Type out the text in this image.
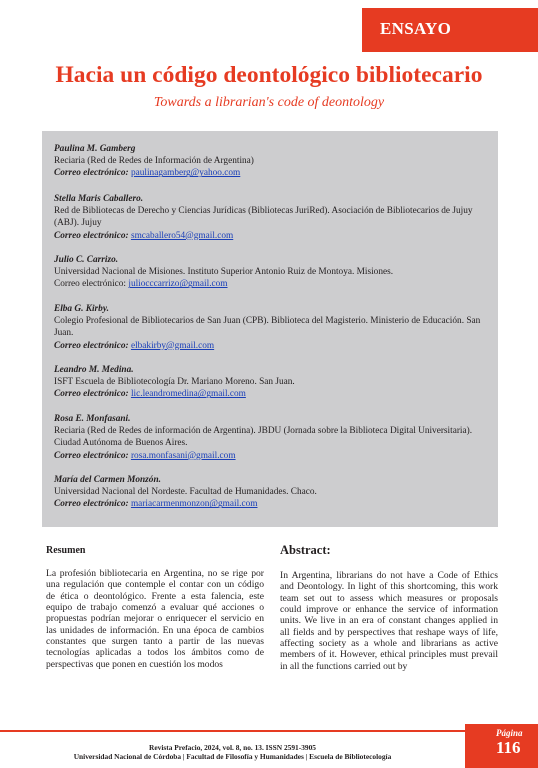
ENSAYO
Hacia un código deontológico bibliotecario
Towards a librarian's code of deontology
Paulina M. Gamberg
Reciaria (Red de Redes de Información de Argentina)
Correo electrónico: paulinagamberg@yahoo.com
Stella Maris Caballero.
Red de Bibliotecas de Derecho y Ciencias Jurídicas (Bibliotecas JuriRed). Asociación de Bibliotecarios de Jujuy (ABJ). Jujuy
Correo electrónico: smcaballero54@gmail.com
Julio C. Carrizo.
Universidad Nacional de Misiones. Instituto Superior Antonio Ruiz de Montoya. Misiones.
Correo electrónico: juliocccarrizo@gmail.com
Elba G. Kirby.
Colegio Profesional de Bibliotecarios de San Juan (CPB). Biblioteca del Magisterio. Ministerio de Educación. San Juan.
Correo electrónico: elbakirby@gmail.com
Leandro M. Medina.
ISFT Escuela de Bibliotecología Dr. Mariano Moreno. San Juan.
Correo electrónico: lic.leandromedina@gmail.com
Rosa E. Monfasani.
Reciaria (Red de Redes de información de Argentina). JBDU (Jornada sobre la Biblioteca Digital Universitaria). Ciudad Autónoma de Buenos Aires.
Correo electrónico: rosa.monfasani@gmail.com
María del Carmen Monzón.
Universidad Nacional del Nordeste. Facultad de Humanidades. Chaco.
Correo electrónico: mariacarmenmonzon@gmail.com
Resumen	Abstract:

La profesión bibliotecaria en Argentina, no se rige por una regulación que contemple el contar con un código de ética o deontológico. Frente a esta falencia, este equipo de trabajo comenzó a evaluar qué acciones o propuestas podrían mejorar o enriquecer el servicio en las unidades de información. En una época de cambios constantes que surgen tanto a partir de las nuevas tecnologías aplicadas a todos los ámbitos como de perspectivas que ponen en cuestión los modos

In Argentina, librarians do not have a Code of Ethics and Deontology. In light of this shortcoming, this work team set out to assess which measures or proposals could improve or enhance the service of information units. We live in an era of constant changes applied in all fields and by perspectives that reshape ways of life, affecting society as a whole and librarians as active members of it. However, ethical principles must prevail in all the functions carried out by

Página
116
Revista Prefacio, 2024, vol. 8, no. 13. ISSN 2591-3905
Universidad Nacional de Córdoba | Facultad de Filosofía y Humanidades | Escuela de Bibliotecología
